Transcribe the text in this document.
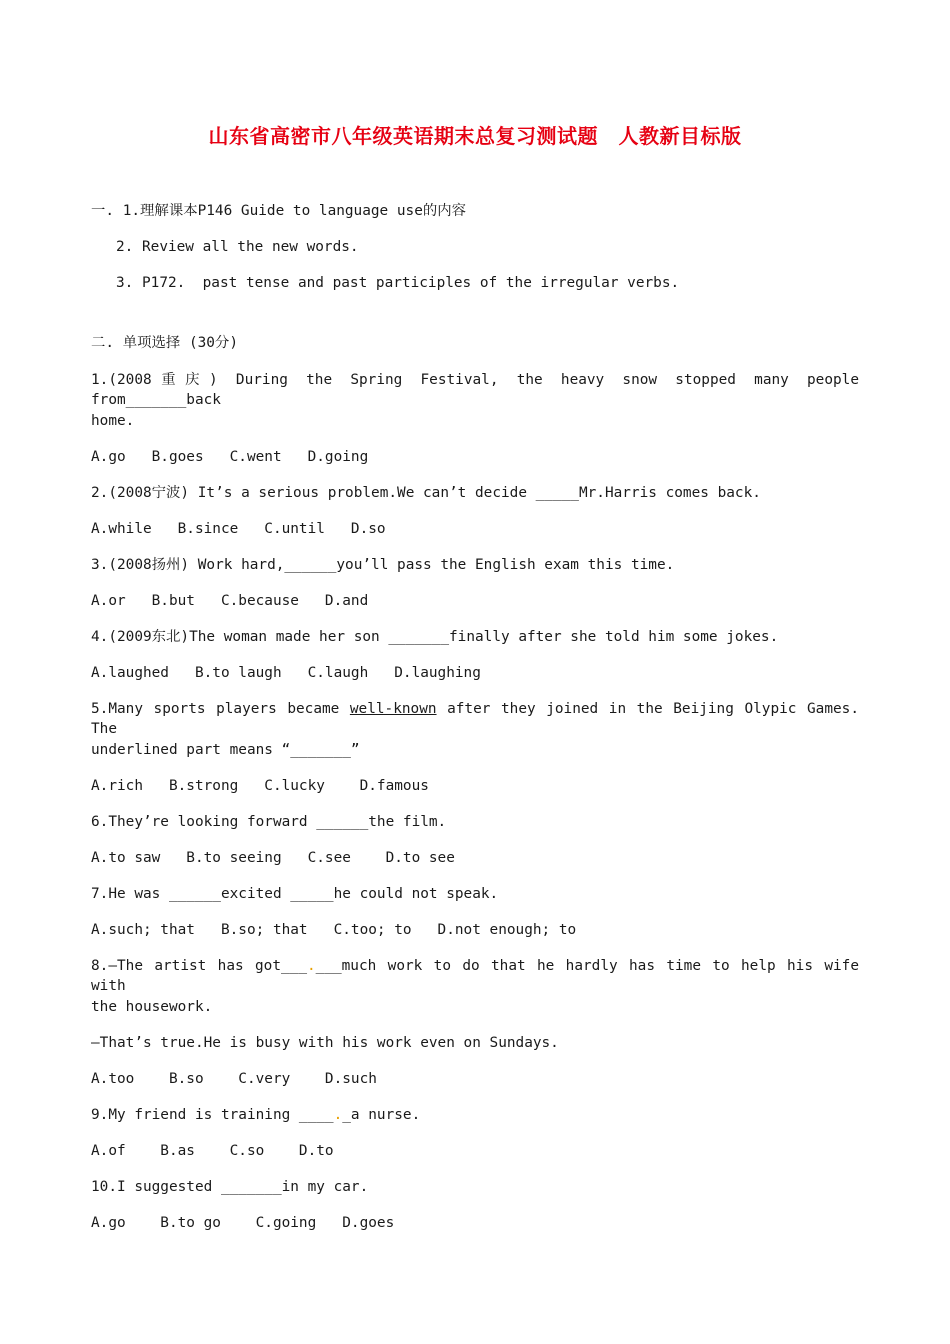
山东省高密市八年级英语期末总复习测试题　人教新目标版
一. 1.理解课本P146 Guide to language use的内容
2. Review all the new words.
3. P172.  past tense and past participles of the irregular verbs.
二. 单项选择 (30分)
1.(2008重庆) During the Spring Festival, the heavy snow stopped many people from_______back
home.
A.go   B.goes   C.went   D.going
2.(2008宁波) It’s a serious problem.We can’t decide _____Mr.Harris comes back.
A.while   B.since   C.until   D.so
3.(2008扬州) Work hard,______you’ll pass the English exam this time.
A.or   B.but   C.because   D.and
4.(2009东北)The woman made her son _______finally after she told him some jokes.
A.laughed   B.to laugh   C.laugh   D.laughing
5.Many sports players became well-known after they joined in the Beijing Olypic Games. The
underlined part means “_______”
A.rich   B.strong   C.lucky    D.famous
6.They’re looking forward ______the film.
A.to saw   B.to seeing   C.see    D.to see
7.He was ______excited _____he could not speak.
A.such; that   B.so; that   C.too; to   D.not enough; to
8.—The artist has got___.___much work to do that he hardly has time to help his wife with
the housework.
—That’s true.He is busy with his work even on Sundays.
A.too    B.so    C.very    D.such
9.My friend is training ____._a nurse.
A.of    B.as    C.so    D.to
10.I suggested _______in my car.
A.go    B.to go    C.going   D.goes
